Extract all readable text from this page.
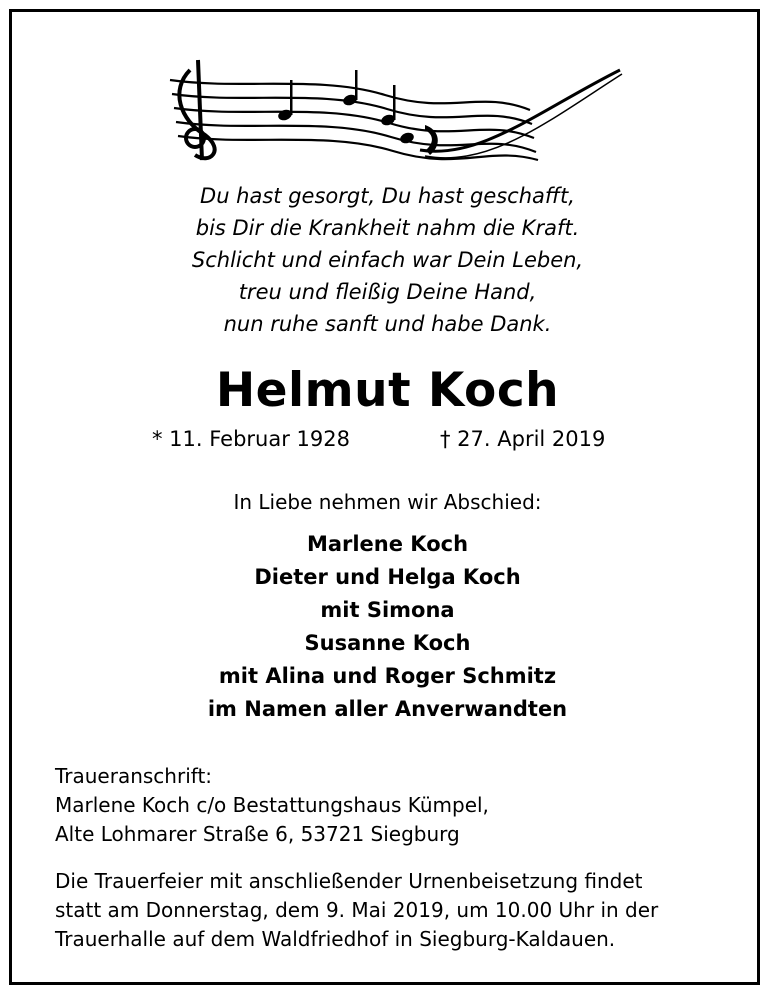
Du hast gesorgt, Du hast geschafft,
bis Dir die Krankheit nahm die Kraft.
Schlicht und einfach war Dein Leben,
treu und fleißig Deine Hand,
nun ruhe sanft und habe Dank.
Helmut Koch
* 11. Februar 1928	† 27. April 2019
In Liebe nehmen wir Abschied:
Marlene Koch
Dieter und Helga Koch
mit Simona
Susanne Koch
mit Alina und Roger Schmitz
im Namen aller Anverwandten
Traueranschrift:
Marlene Koch c/o Bestattungshaus Kümpel,
Alte Lohmarer Straße 6, 53721 Siegburg
Die Trauerfeier mit anschließender Urnenbeisetzung findet
statt am Donnerstag, dem 9. Mai 2019, um 10.00 Uhr in der
Trauerhalle auf dem Waldfriedhof in Siegburg-Kaldauen.
